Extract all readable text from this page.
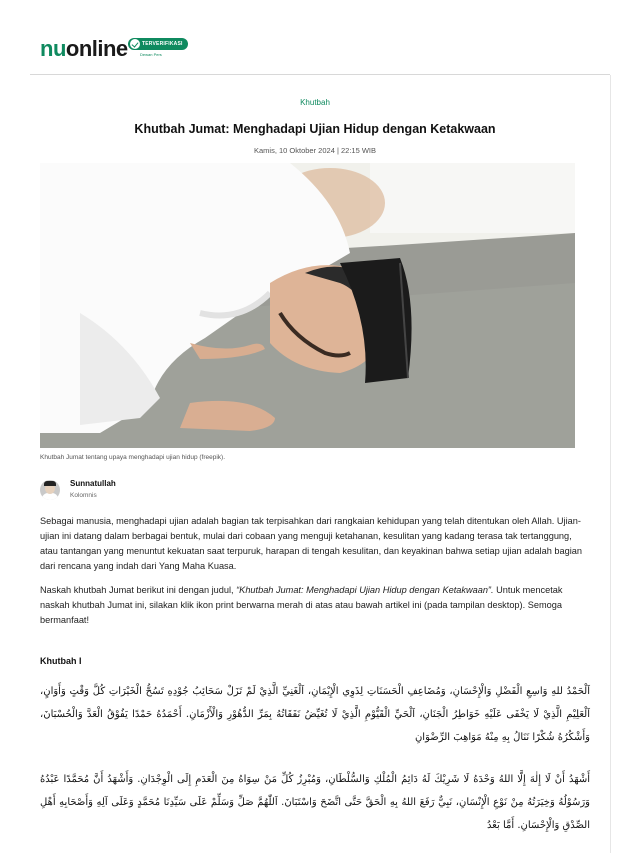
nuonline	TERVERIFIKASI
Dewan Pers
Khutbah
Khutbah Jumat: Menghadapi Ujian Hidup dengan Ketakwaan
Kamis, 10 Oktober 2024 | 22:15 WIB
Khutbah Jumat tentang upaya menghadapi ujian hidup (freepik).
Sunnatullah
Kolomnis

Sebagai manusia, menghadapi ujian adalah bagian tak terpisahkan dari rangkaian kehidupan yang telah ditentukan oleh Allah. Ujian-ujian ini datang dalam berbagai bentuk, mulai dari cobaan yang menguji ketahanan, kesulitan yang kadang terasa tak tertanggung, atau tantangan yang menuntut kekuatan saat terpuruk, harapan di tengah kesulitan, dan keyakinan bahwa setiap ujian adalah bagian dari rencana yang indah dari Yang Maha Kuasa.

Naskah khutbah Jumat berikut ini dengan judul, “Khutbah Jumat: Menghadapi Ujian Hidup dengan Ketakwaan”. Untuk mencetak naskah khutbah Jumat ini, silakan klik ikon print berwarna merah di atas atau bawah artikel ini (pada tampilan desktop). Semoga bermanfaat!

Khutbah I

اَلْحَمْدُ للهِ وَاسِعِ الْفَضْلِ وَالْإِحْسَانِ، وَمُضَاعِفِ الْحَسَنَاتِ لِذَوِي الْإِيْمَانِ، اَلْغَنِيِّ الَّذِيْ لَمْ تَزَلْ سَحَائِبُ جُوْدِهِ تَسُحُّ الْخَيْرَاتِ كُلَّ وَقْتٍ وَأَوَانٍ، اَلْعَلِيْمِ الَّذِيْ لَا يَخْفَى عَلَيْهِ خَوَاطِرُ الْجَنَانِ، اَلْحَيِّ الْقَيُّوْمِ الَّذِيْ لَا تُغَيِّضُ نَفَقَاتُهُ بِمَرِّ الدُّهُوْرِ وَالْأَزْمَانِ. أَحْمَدُهُ حَمْدًا يَفُوْقُ الْعَدَّ وَالْحُسْبَانَ، وَأَشْكُرُهُ شُكْرًا نَنَالُ بِهِ مِنْهُ مَوَاهِبَ الرِّضْوَانِ

أَشْهَدُ أَنْ لَا إِلٰهَ إِلَّا اللهُ وَحْدَهُ لَا شَرِيْكَ لَهُ دَائِمُ الْمُلْكِ وَالسُّلْطَانِ، وَمُبْرِزُ كُلِّ مَنْ سِوَاهُ مِنَ الْعَدَمِ إِلَى الْوِجْدَانِ. وَأَشْهَدُ أَنَّ مُحَمَّدًا عَبْدُهُ وَرَسُوْلُهُ وَخِيَرَتُهُ مِنْ نَوْعِ الْإِنْسَانِ، نَبِيٌّ رَفَعَ اللهُ بِهِ الْحَقَّ حَتَّى اتَّضَحَ وَاسْتَبَانَ. اَللّٰهُمَّ صَلِّ وَسَلِّمْ عَلَى سَيِّدِنَا مُحَمَّدٍ وَعَلَى آلِهِ وَأَصْحَابِهِ أَهْلِ الصِّدْقِ وَالْإِحْسَانِ. أَمَّا بَعْدُ
